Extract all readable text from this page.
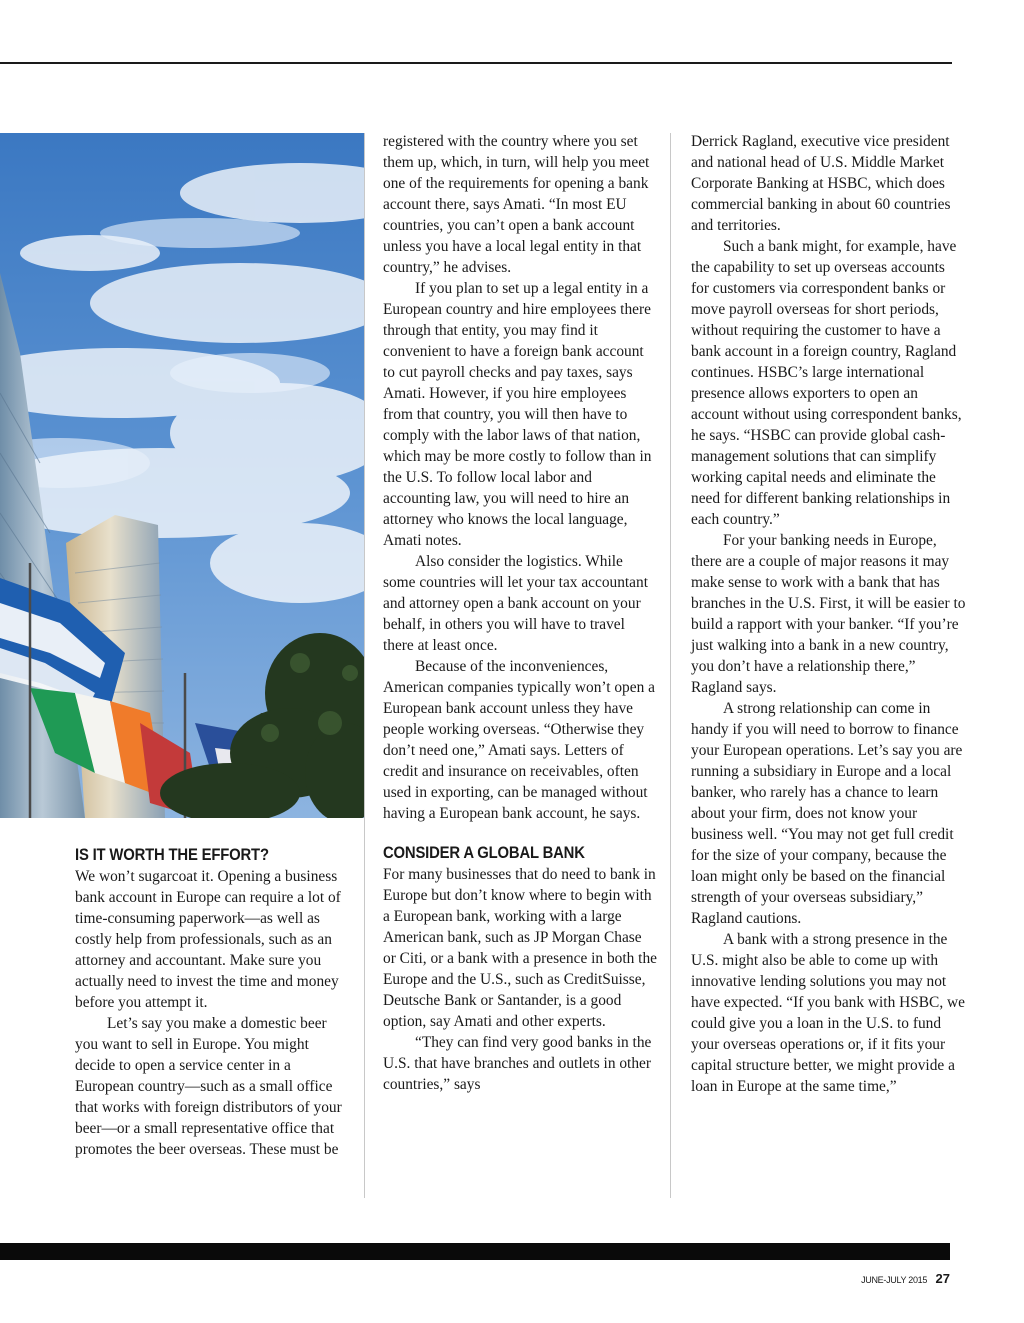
IS IT WORTH THE EFFORT?

We won’t sugarcoat it. Opening a business bank account in Europe can require a lot of time-consuming paperwork—as well as costly help from professionals, such as an attorney and accountant. Make sure you actually need to invest the time and money before you attempt it.

Let’s say you make a domestic beer you want to sell in Europe. You might decide to open a service center in a European country—such as a small office that works with foreign distributors of your beer—or a small representative office that promotes the beer overseas. These must be

registered with the country where you set them up, which, in turn, will help you meet one of the requirements for opening a bank account there, says Amati. “In most EU countries, you can’t open a bank account unless you have a local legal entity in that country,” he advises.

If you plan to set up a legal entity in a European country and hire employees there through that entity, you may find it convenient to have a foreign bank account to cut payroll checks and pay taxes, says Amati. However, if you hire employees from that country, you will then have to comply with the labor laws of that nation, which may be more costly to follow than in the U.S. To follow local labor and accounting law, you will need to hire an attorney who knows the local language, Amati notes.

Also consider the logistics. While some countries will let your tax accountant and attorney open a bank account on your behalf, in others you will have to travel there at least once.

Because of the inconveniences, American companies typically won’t open a European bank account unless they have people working overseas. “Otherwise they don’t need one,” Amati says. Letters of credit and insurance on receivables, often used in exporting, can be managed without having a European bank account, he says.

CONSIDER A GLOBAL BANK

For many businesses that do need to bank in Europe but don’t know where to begin with a European bank, working with a large American bank, such as JP Morgan Chase or Citi, or a bank with a presence in both the Europe and the U.S., such as CreditSuisse, Deutsche Bank or Santander, is a good option, say Amati and other experts.

“They can find very good banks in the U.S. that have branches and outlets in other countries,” says

Derrick Ragland, executive vice president and national head of U.S. Middle Market Corporate Banking at HSBC, which does commercial banking in about 60 countries and territories.

Such a bank might, for example, have the capability to set up overseas accounts for customers via correspondent banks or move payroll overseas for short periods, without requiring the customer to have a bank account in a foreign country, Ragland continues. HSBC’s large international presence allows exporters to open an account without using correspondent banks, he says. “HSBC can provide global cash-management solutions that can simplify working capital needs and eliminate the need for different banking relationships in each country.”

For your banking needs in Europe, there are a couple of major reasons it may make sense to work with a bank that has branches in the U.S. First, it will be easier to build a rapport with your banker. “If you’re just walking into a bank in a new country, you don’t have a relationship there,” Ragland says.

A strong relationship can come in handy if you will need to borrow to finance your European operations. Let’s say you are running a subsidiary in Europe and a local banker, who rarely has a chance to learn about your firm, does not know your business well. “You may not get full credit for the size of your company, because the loan might only be based on the financial strength of your overseas subsidiary,” Ragland cautions.

A bank with a strong presence in the U.S. might also be able to come up with innovative lending solutions you may not have expected. “If you bank with HSBC, we could give you a loan in the U.S. to fund your overseas operations or, if it fits your capital structure better, we might provide a loan in Europe at the same time,”

JUNE-JULY 2015 27
